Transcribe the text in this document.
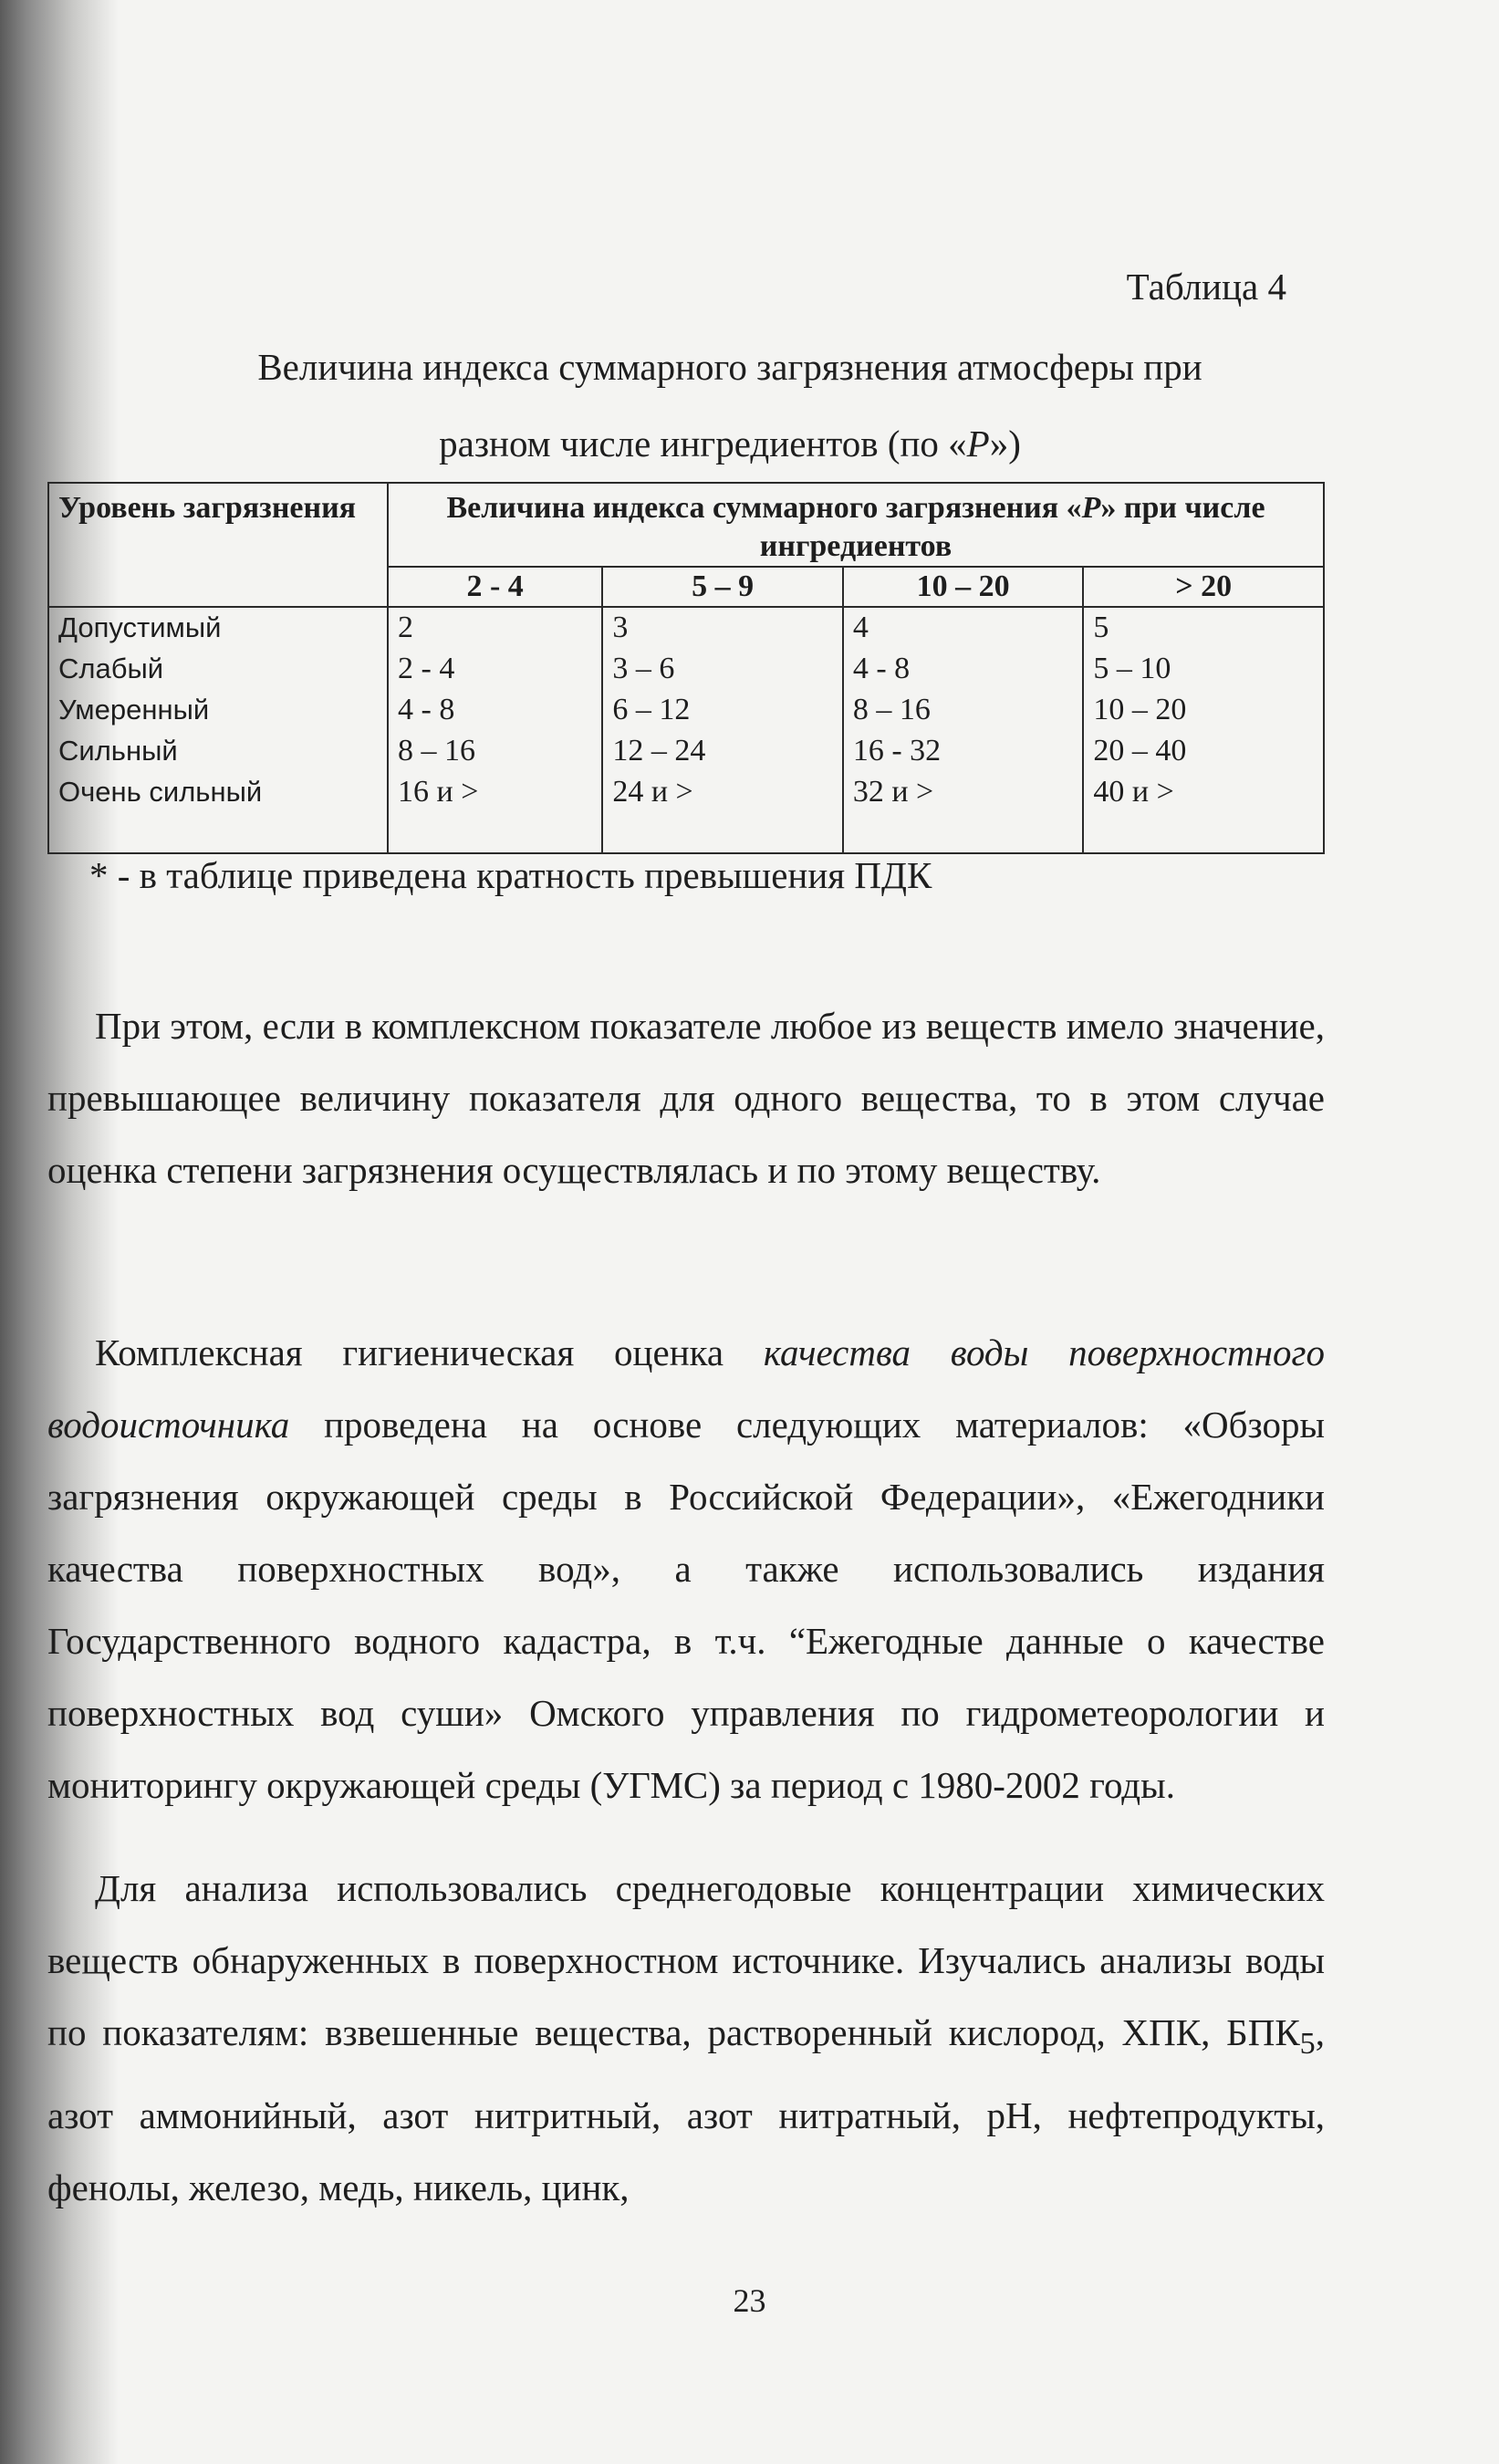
Таблица 4

Величина индекса суммарного загрязнения атмосферы при

разном числе ингредиентов (по «P»)

Уровень загрязнения	Величина индекса суммарного загрязнения «P» при числе ингредиентов			
	2 - 4	5 – 9	10 – 20	> 20
Допустимый	2	3	4	5
Слабый	2 - 4	3 – 6	4 - 8	5 – 10
Умеренный	4 - 8	6 – 12	8 – 16	10 – 20
Сильный	8 – 16	12 – 24	16 - 32	20 – 40
Очень сильный	16 и >	24 и >	32 и >	40 и >
* - в таблице приведена кратность превышения ПДК

При этом, если в комплексном показателе любое из веществ имело значение, превышающее величину показателя для одного вещества, то в этом случае оценка степени загрязнения осуществлялась и по этому веществу.

Комплексная гигиеническая оценка качества воды поверхностного водоисточника проведена на основе следующих материалов: «Обзоры загрязнения окружающей среды в Российской Федерации», «Ежегодники качества поверхностных вод», а также использовались издания Государственного водного кадастра, в т.ч. “Ежегодные данные о качестве поверхностных вод суши» Омского управления по гидрометеорологии и мониторингу окружающей среды (УГМС) за период с 1980-2002 годы.

Для анализа использовались среднегодовые концентрации химических веществ обнаруженных в поверхностном источнике. Изучались анализы воды по показателям: взвешенные вещества, растворенный кислород, ХПК, $БПК_5$, азот аммонийный, азот нитритный, азот нитратный, pH, нефтепродукты, фенолы, железо, медь, никель, цинк,

23
